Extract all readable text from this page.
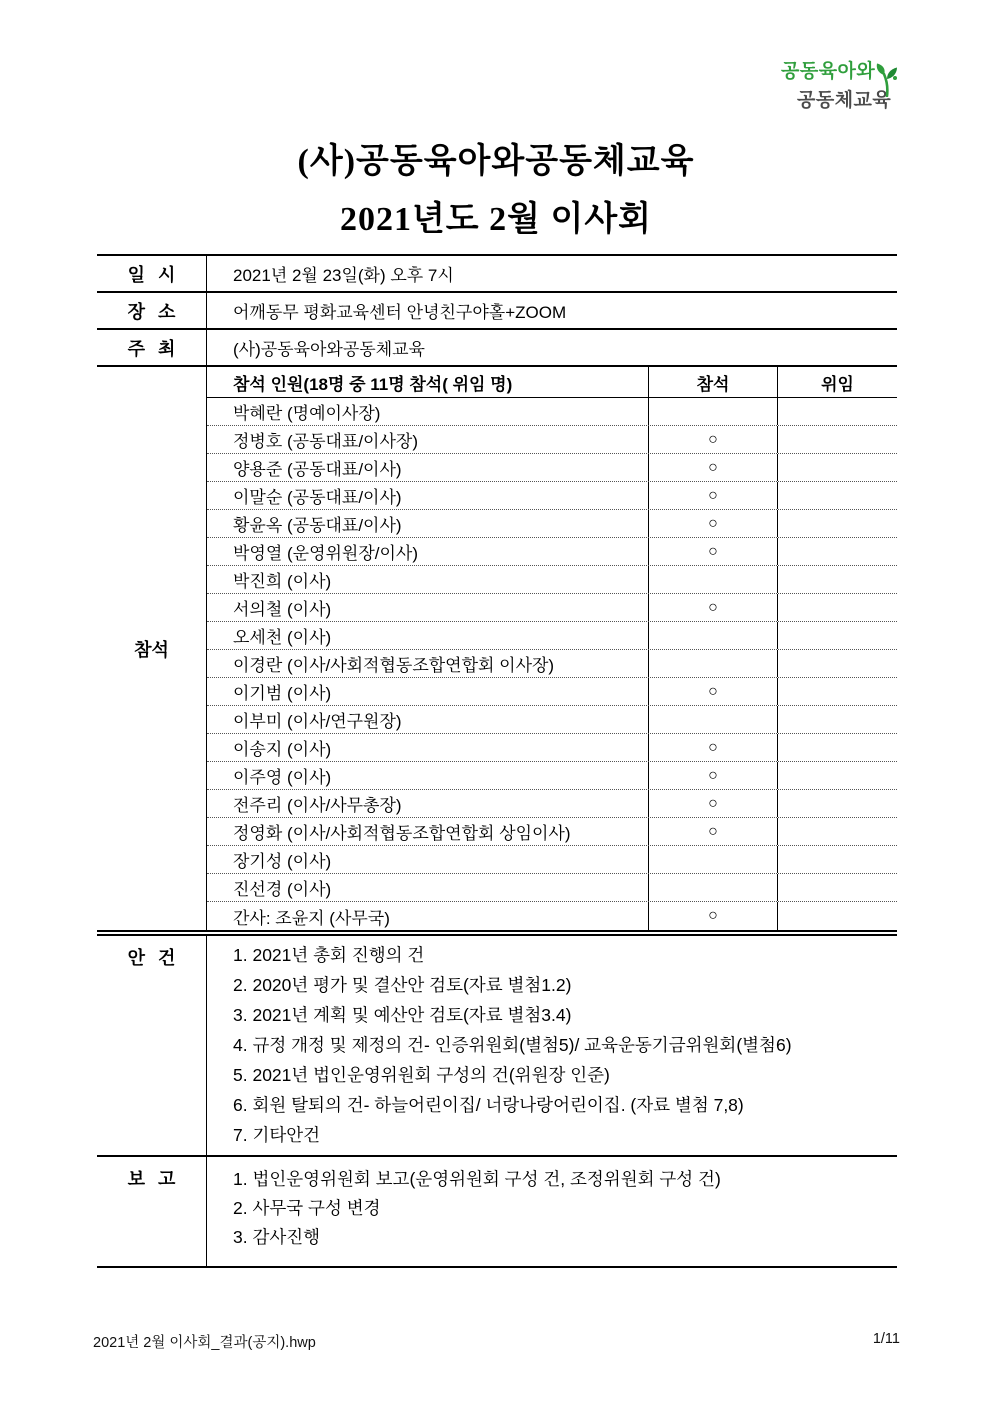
공동육아와
공동체교육
(사)공동육아와공동체교육
2021년도 2월 이사회
일 시	2021년 2월 23일(화) 오후 7시
장 소	어깨동무 평화교육센터 안녕친구야홀+ZOOM
주 최	(사)공동육아와공동체교육
참석
참석 인원(18명 중 11명 참석( 위임 명)	참석	위임
박혜란 (명예이사장)
정병호 (공동대표/이사장)	○
양용준 (공동대표/이사)	○
이말순 (공동대표/이사)	○
황윤옥 (공동대표/이사)	○
박영열 (운영위원장/이사)	○
박진희 (이사)
서의철 (이사)	○
오세천 (이사)
이경란 (이사/사회적협동조합연합회 이사장)
이기범 (이사)	○
이부미 (이사/연구원장)
이송지 (이사)	○
이주영 (이사)	○
전주리 (이사/사무총장)	○
정영화 (이사/사회적협동조합연합회 상임이사)	○
장기성 (이사)
진선경 (이사)
간사: 조윤지 (사무국)	○
안 건	1. 2021년 총회 진행의 건
2. 2020년 평가 및 결산안 검토(자료 별첨1.2)
3. 2021년 계획 및 예산안 검토(자료 별첨3.4)
4. 규정 개정 및 제정의 건- 인증위원회(별첨5)/ 교육운동기금위원회(별첨6)
5. 2021년 법인운영위원회 구성의 건(위원장 인준)
6. 회원 탈퇴의 건- 하늘어린이집/ 너랑나랑어린이집. (자료 별첨 7,8)
7. 기타안건
보 고	1. 법인운영위원회 보고(운영위원회 구성 건, 조정위원회 구성 건)
2. 사무국 구성 변경
3. 감사진행
2021년 2월 이사회_결과(공지).hwp	1/11
